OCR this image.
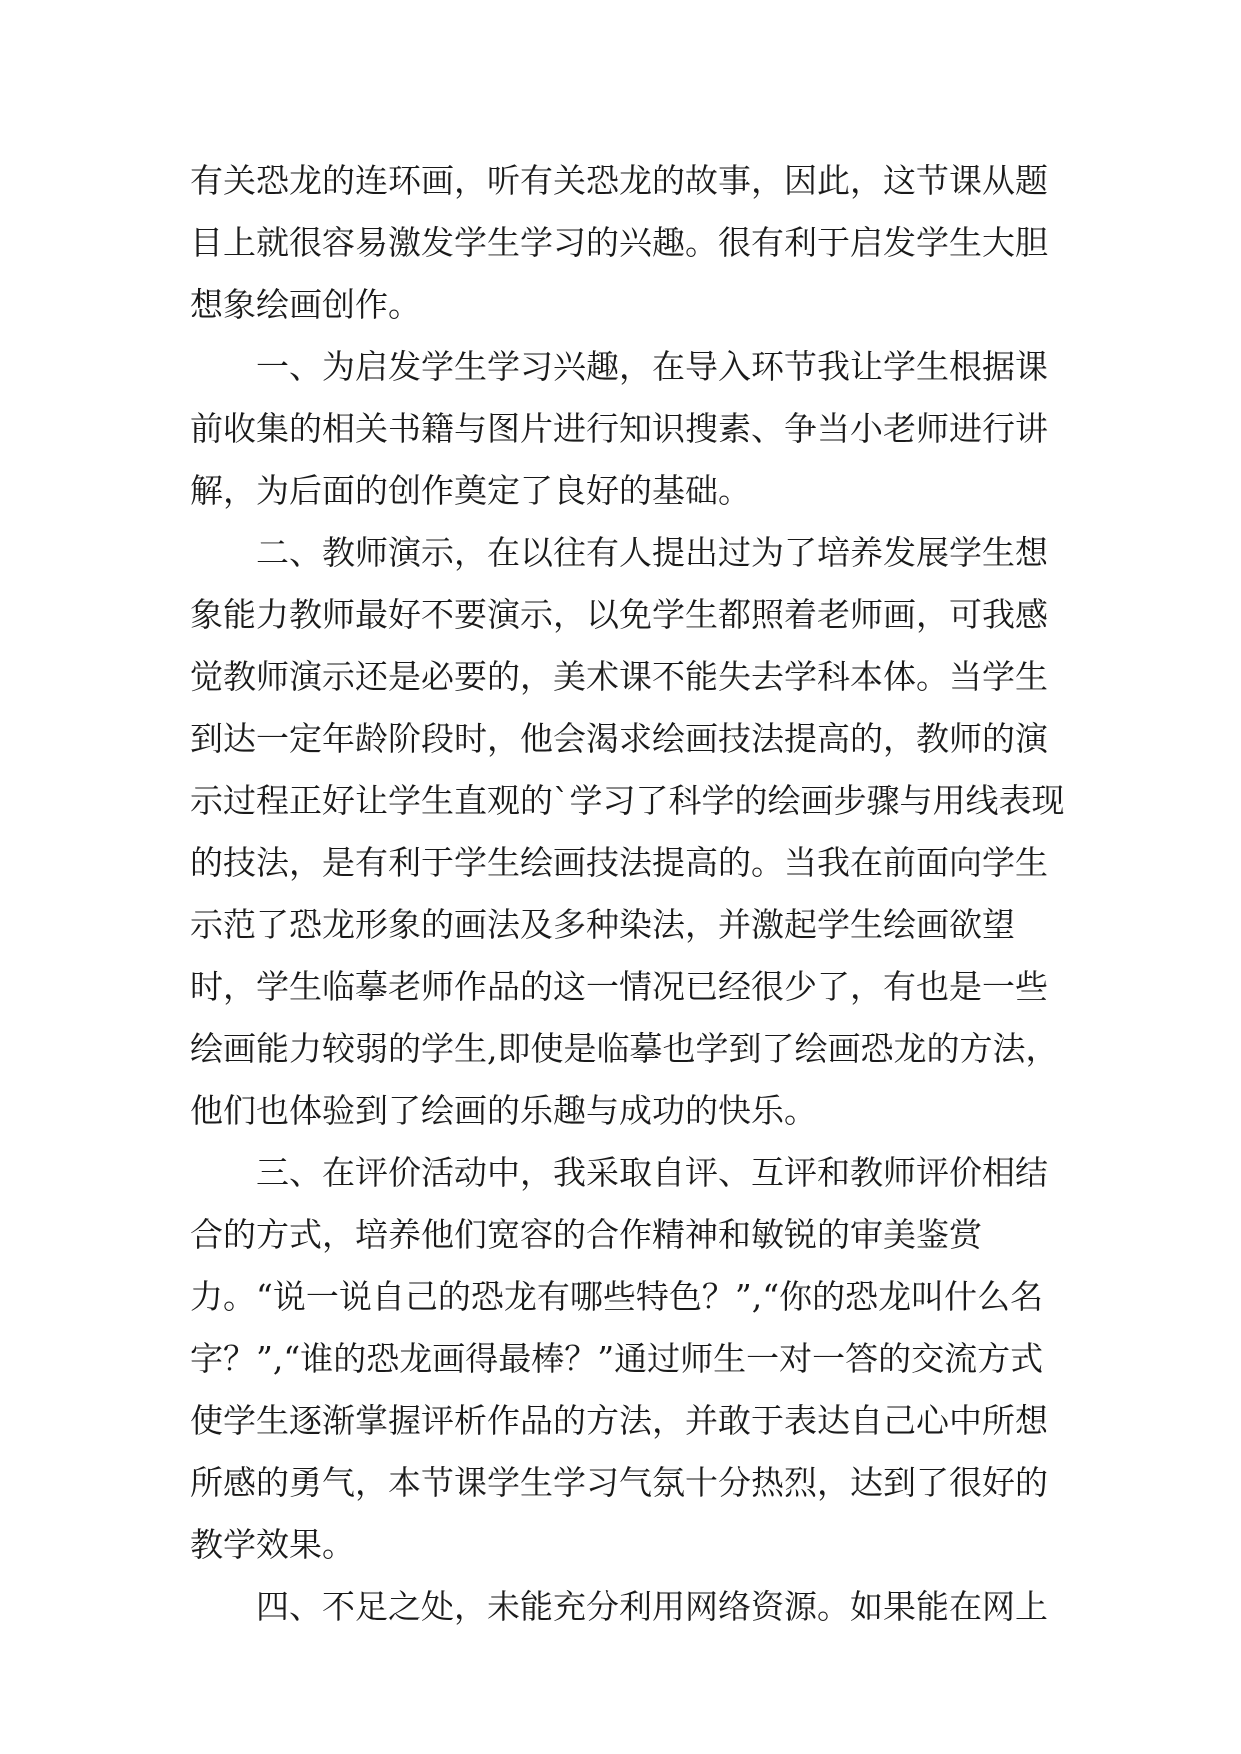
有关恐龙的连环画，听有关恐龙的故事，因此，这节课从题目上就很容易激发学生学习的兴趣。很有利于启发学生大胆想象绘画创作。

一、为启发学生学习兴趣，在导入环节我让学生根据课前收集的相关书籍与图片进行知识搜素、争当小老师进行讲解，为后面的创作奠定了良好的基础。

二、教师演示，在以往有人提出过为了培养发展学生想象能力教师最好不要演示，以免学生都照着老师画，可我感觉教师演示还是必要的，美术课不能失去学科本体。当学生到达一定年龄阶段时，他会渴求绘画技法提高的，教师的演示过程正好让学生直观的`学习了科学的绘画步骤与用线表现的技法，是有利于学生绘画技法提高的。当我在前面向学生示范了恐龙形象的画法及多种染法，并激起学生绘画欲望时，学生临摹老师作品的这一情况已经很少了，有也是一些绘画能力较弱的学生,即使是临摹也学到了绘画恐龙的方法，他们也体验到了绘画的乐趣与成功的快乐。

三、在评价活动中，我采取自评、互评和教师评价相结合的方式，培养他们宽容的合作精神和敏锐的审美鉴赏力。“说一说自己的恐龙有哪些特色？”,“你的恐龙叫什么名字？”,“谁的恐龙画得最棒？”通过师生一对一答的交流方式使学生逐渐掌握评析作品的方法，并敢于表达自己心中所想所感的勇气，本节课学生学习气氛十分热烈，达到了很好的教学效果。

四、不足之处，未能充分利用网络资源。如果能在网上
